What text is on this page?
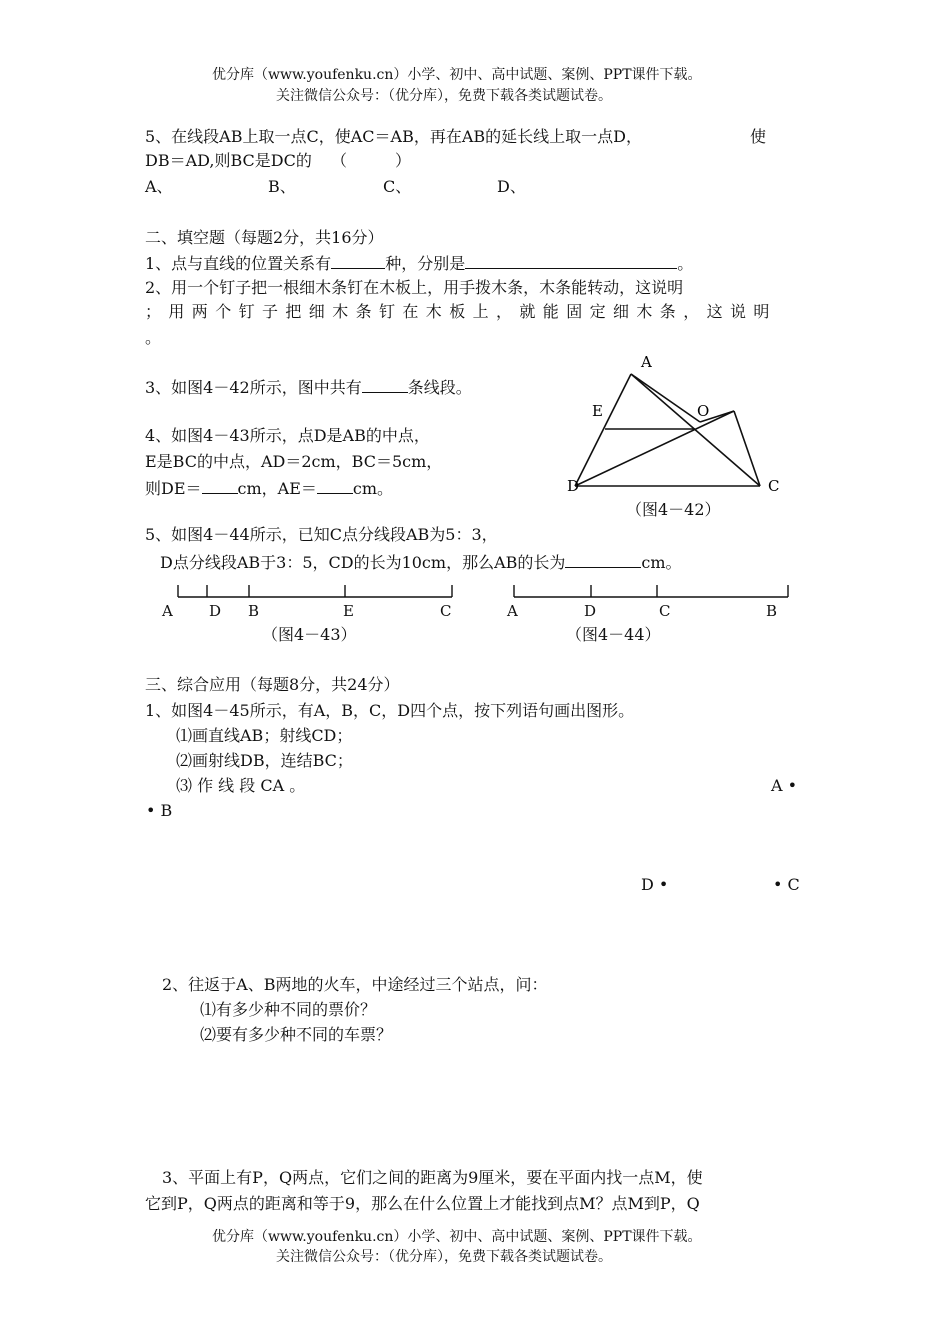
优分库（www.youfenku.cn）小学、初中、高中试题、案例、PPT课件下载。
关注微信公众号：（优分库），免费下载各类试题试卷。
5、在线段AB上取一点C，使AC＝AB，再在AB的延长线上取一点D，	使
DB＝AD,则BC是DC的 （　　　）
A、	B、	C、	D、
二、填空题（每题2分，共16分）
1、点与直线的位置关系有	种，分别是	。
2、用一个钉子把一根细木条钉在木板上，用手拨木条，木条能转动，这说明
；用两个钉子把细木条钉在木板上，就能固定细木条，这说明
。
3、如图4－42所示，图中共有	条线段。
4、如图4－43所示，点D是AB的中点，
E是BC的中点，AD＝2cm，BC＝5cm，
则DE＝ cm，AE＝ cm。
5、如图4－44所示，已知C点分线段AB为5：3，
D点分线段AB于3：5，CD的长为10cm，那么AB的长为	cm。
A
E	O
D	C
（图4－42）
A D B	E	C
（图4－43）
A	D	C	B
（图4－44）
三、综合应用（每题8分，共24分）
1、如图4－45所示，有A，B，C，D四个点，按下列语句画出图形。
⑴画直线AB；射线CD；
⑵画射线DB，连结BC；
⑶ 作 线 段 CA 。	A •
• B
D •	• C
2、往返于A、B两地的火车，中途经过三个站点，问：
⑴有多少种不同的票价？
⑵要有多少种不同的车票？
3、平面上有P，Q两点，它们之间的距离为9厘米，要在平面内找一点M，使
它到P，Q两点的距离和等于9，那么在什么位置上才能找到点M？点M到P，Q
优分库（www.youfenku.cn）小学、初中、高中试题、案例、PPT课件下载。
关注微信公众号：（优分库），免费下载各类试题试卷。
